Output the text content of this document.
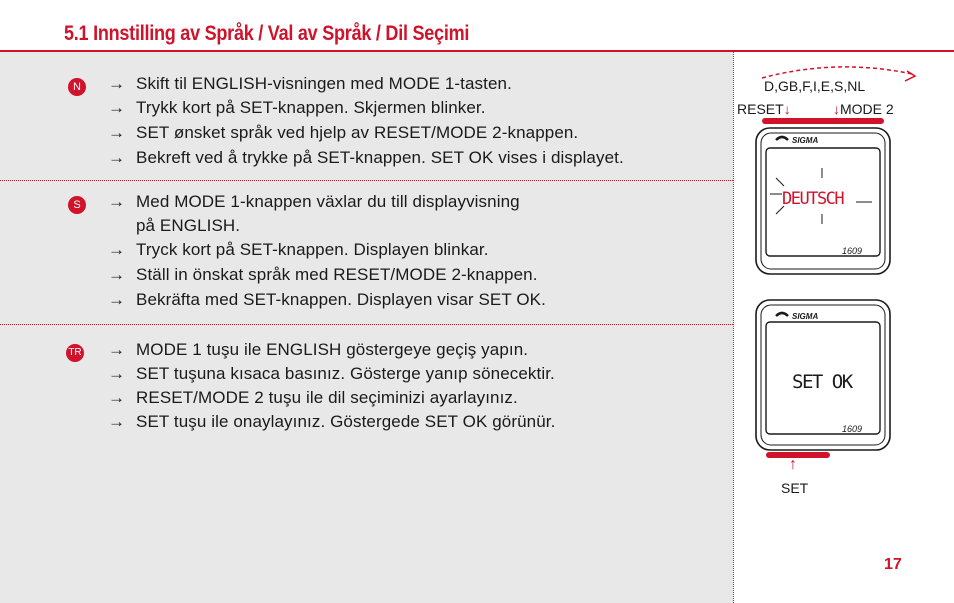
5.1 Innstilling av Språk / Val av Språk / Dil Seçimi
N → Skift til ENGLISH-visningen med MODE 1-tasten.
→ Trykk kort på SET-knappen. Skjermen blinker.
→ SET ønsket språk ved hjelp av RESET/MODE 2-knappen.
→ Bekreft ved å trykke på SET-knappen. SET OK vises i displayet.
S	→ Med MODE 1-knappen växlar du till displayvisning
på ENGLISH.
→ Tryck kort på SET-knappen. Displayen blinkar.
→ Ställ in önskat språk med RESET/MODE 2-knappen.
→ Bekräfta med SET-knappen. Displayen visar SET OK.
TR → MODE 1 tuşu ile ENGLISH göstergeye geçiş yapın.
→ SET tuşuna kısaca basınız. Gösterge yanıp sönecektir.
→ RESET/MODE 2 tuşu ile dil seçiminizi ayarlayınız.
→ SET tuşu ile onaylayınız. Göstergede SET OK görünür.
D,GB,F,I,E,S,NL
RESET↓	↓MODE 2
SIGMA
1609
DEUTSCH
SIGMA
1609
SET OK
↑
SET
17
